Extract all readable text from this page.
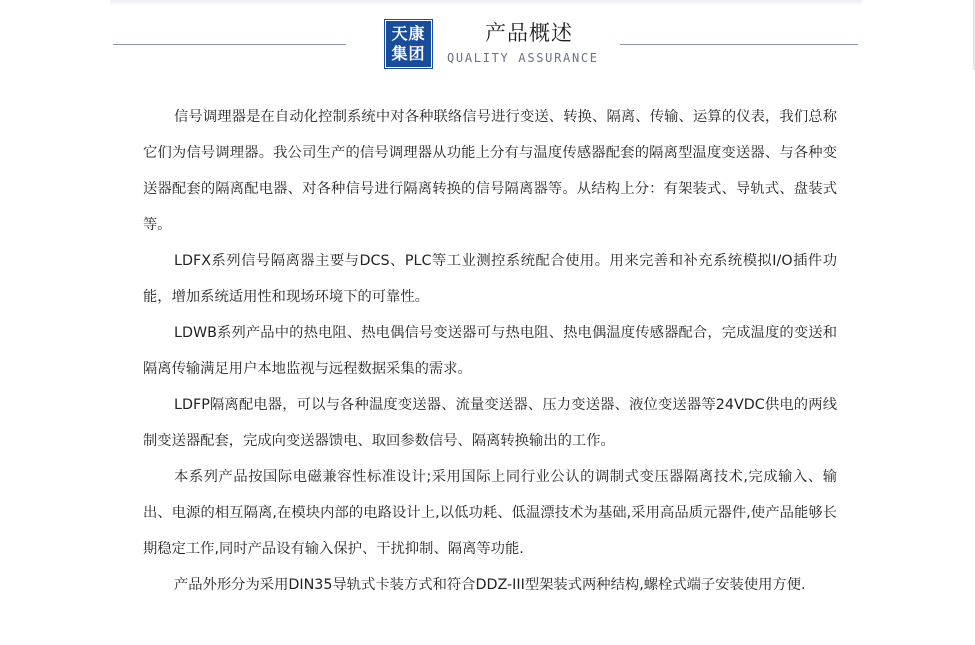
天康
集团
产品概述
QUALITY ASSURANCE

信号调理器是在自动化控制系统中对各种联络信号进行变送、转换、隔离、传输、运算的仪表，我们总称它们为信号调理器。我公司生产的信号调理器从功能上分有与温度传感器配套的隔离型温度变送器、与各种变送器配套的隔离配电器、对各种信号进行隔离转换的信号隔离器等。从结构上分：有架装式、导轨式、盘装式等。

LDFX系列信号隔离器主要与DCS、PLC等工业测控系统配合使用。用来完善和补充系统模拟I/O插件功能，增加系统适用性和现场环境下的可靠性。

LDWB系列产品中的热电阻、热电偶信号变送器可与热电阻、热电偶温度传感器配合，完成温度的变送和隔离传输满足用户本地监视与远程数据采集的需求。

LDFP隔离配电器，可以与各种温度变送器、流量变送器、压力变送器、液位变送器等24VDC供电的两线制变送器配套，完成向变送器馈电、取回参数信号、隔离转换输出的工作。

本系列产品按国际电磁兼容性标准设计;采用国际上同行业公认的调制式变压器隔离技术,完成输入、输出、电源的相互隔离,在模块内部的电路设计上,以低功耗、低温漂技术为基础,采用高品质元器件,使产品能够长期稳定工作,同时产品设有输入保护、干扰抑制、隔离等功能.

产品外形分为采用DIN35导轨式卡装方式和符合DDZ-III型架装式两种结构,螺栓式端子安装使用方便.
